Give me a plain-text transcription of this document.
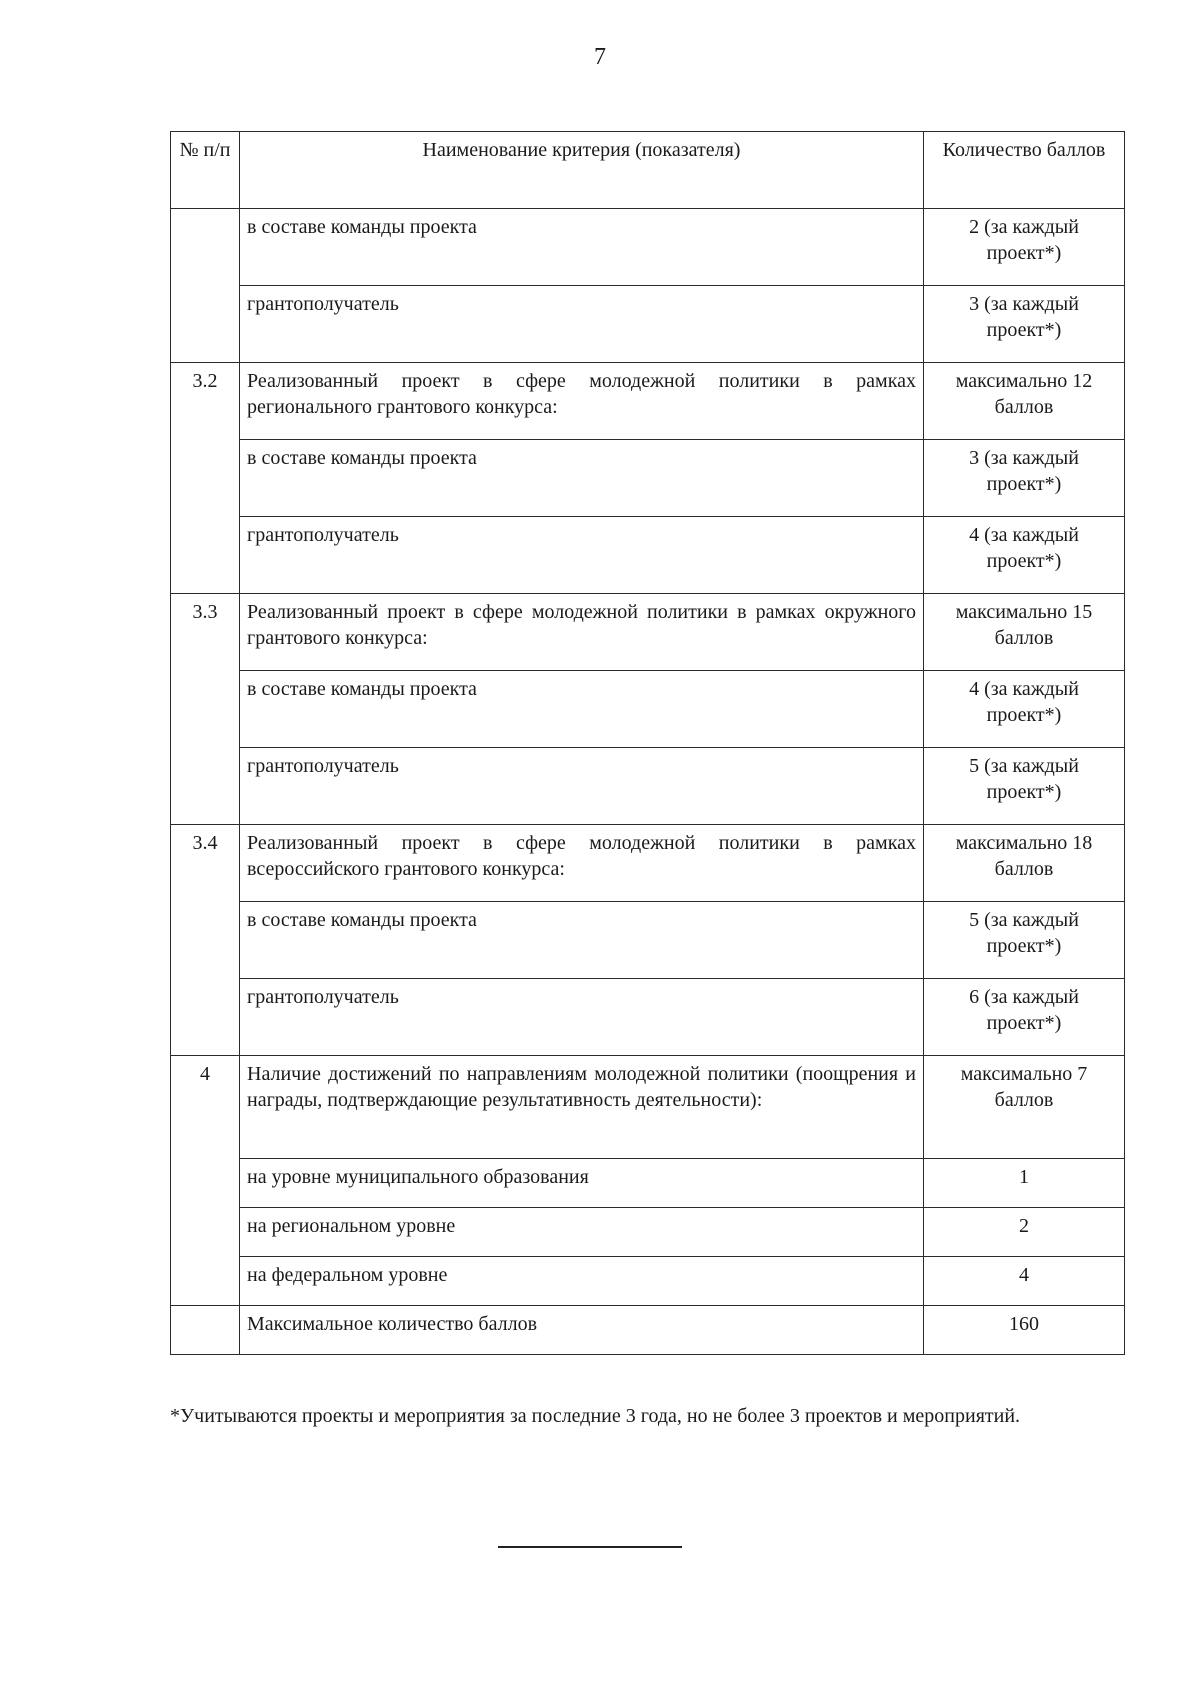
7
№ п/п	Наименование критерия (показателя)	Количество баллов
	в составе команды проекта	2 (за каждый проект*)
	грантополучатель	3 (за каждый проект*)
3.2	Реализованный проект в сфере молодежной политики в рамках регионального грантового конкурса:	максимально 12 баллов
	в составе команды проекта	3 (за каждый проект*)
	грантополучатель	4 (за каждый проект*)
3.3	Реализованный проект в сфере молодежной политики в рамках окружного грантового конкурса:	максимально 15 баллов
	в составе команды проекта	4 (за каждый проект*)
	грантополучатель	5 (за каждый проект*)
3.4	Реализованный проект в сфере молодежной политики в рамках всероссийского грантового конкурса:	максимально 18 баллов
	в составе команды проекта	5 (за каждый проект*)
	грантополучатель	6 (за каждый проект*)
4	Наличие достижений по направлениям молодежной политики (поощрения и награды, подтверждающие результативность деятельности):	максимально 7 баллов
	на уровне муниципального образования	1
	на региональном уровне	2
	на федеральном уровне	4
	Максимальное количество баллов	160
*Учитываются проекты и мероприятия за последние 3 года, но не более 3 проектов и мероприятий.
